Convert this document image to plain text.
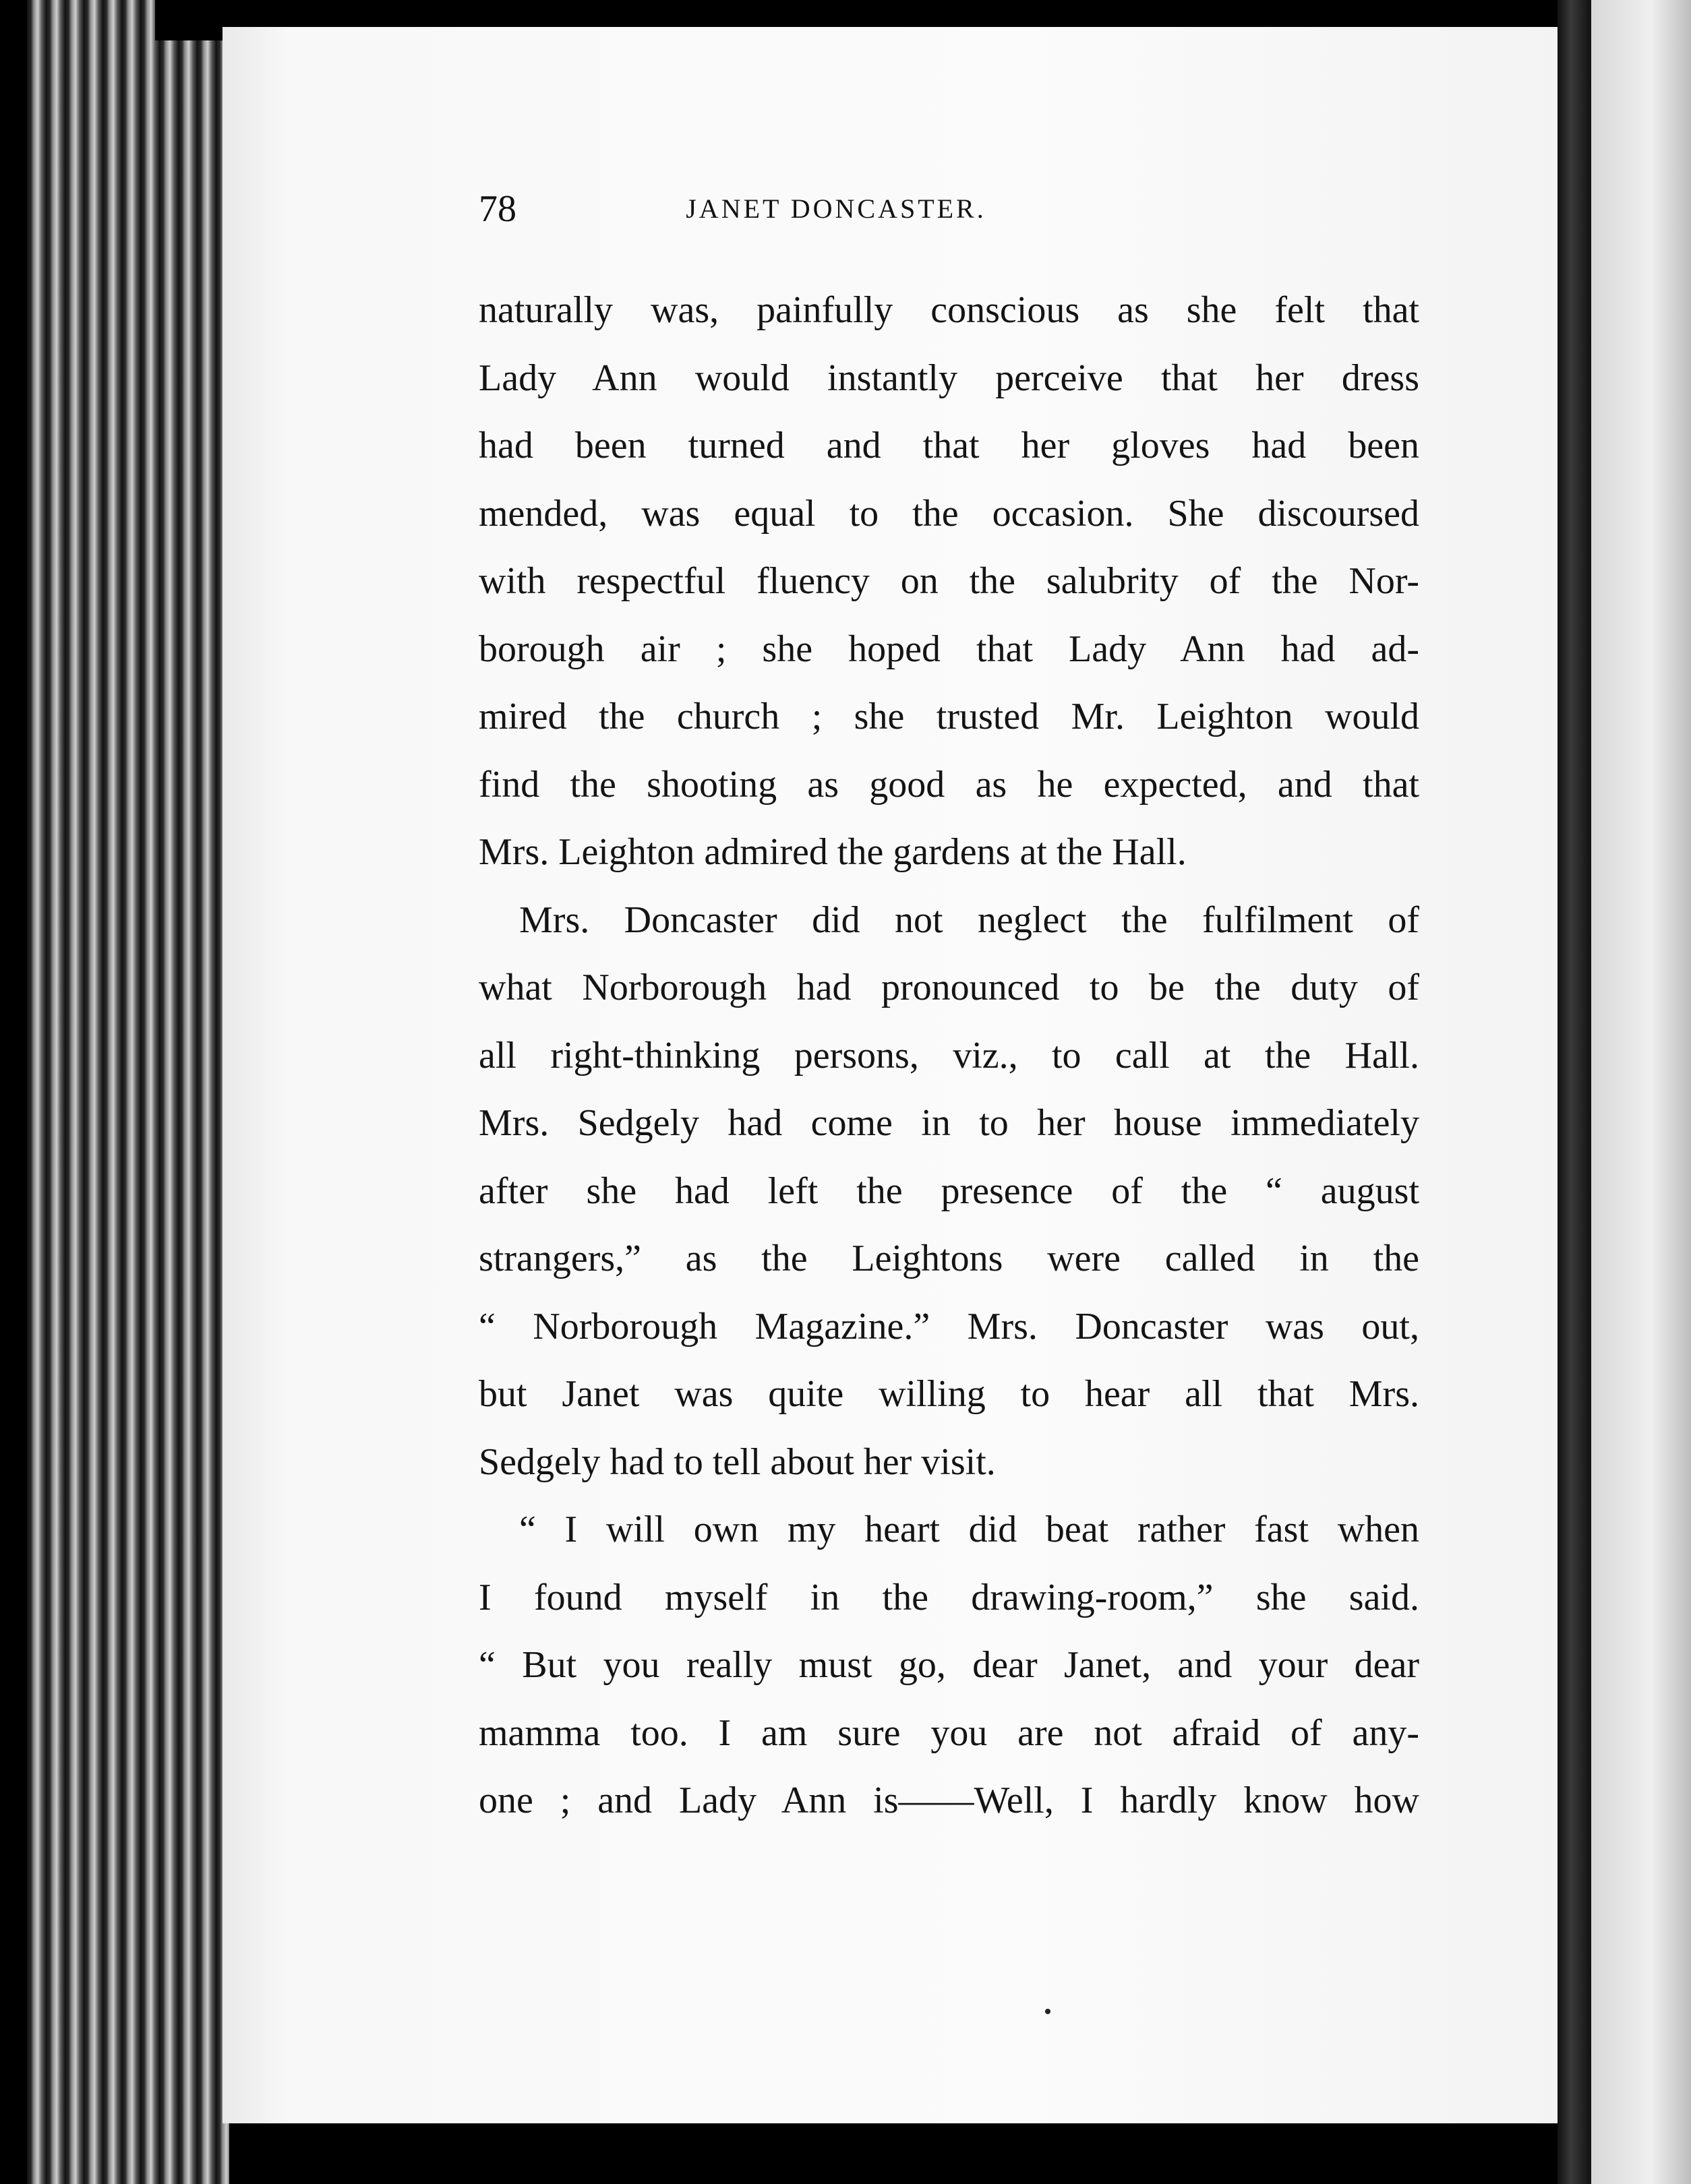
78	JANET DONCASTER.
naturally was, painfully conscious as she felt that
Lady Ann would instantly perceive that her dress
had been turned and that her gloves had been
mended, was equal to the occasion. She discoursed
with respectful fluency on the salubrity of the Nor-
borough air ; she hoped that Lady Ann had ad-
mired the church ; she trusted Mr. Leighton would
find the shooting as good as he expected, and that
Mrs. Leighton admired the gardens at the Hall.
Mrs. Doncaster did not neglect the fulfilment of
what Norborough had pronounced to be the duty of
all right-thinking persons, viz., to call at the Hall.
Mrs. Sedgely had come in to her house immediately
after she had left the presence of the “ august
strangers,” as the Leightons were called in the
“ Norborough Magazine.” Mrs. Doncaster was out,
but Janet was quite willing to hear all that Mrs.
Sedgely had to tell about her visit.
“ I will own my heart did beat rather fast when
I found myself in the drawing-room,” she said.
“ But you really must go, dear Janet, and your dear
mamma too. I am sure you are not afraid of any-
one ; and Lady Ann is——Well, I hardly know how
